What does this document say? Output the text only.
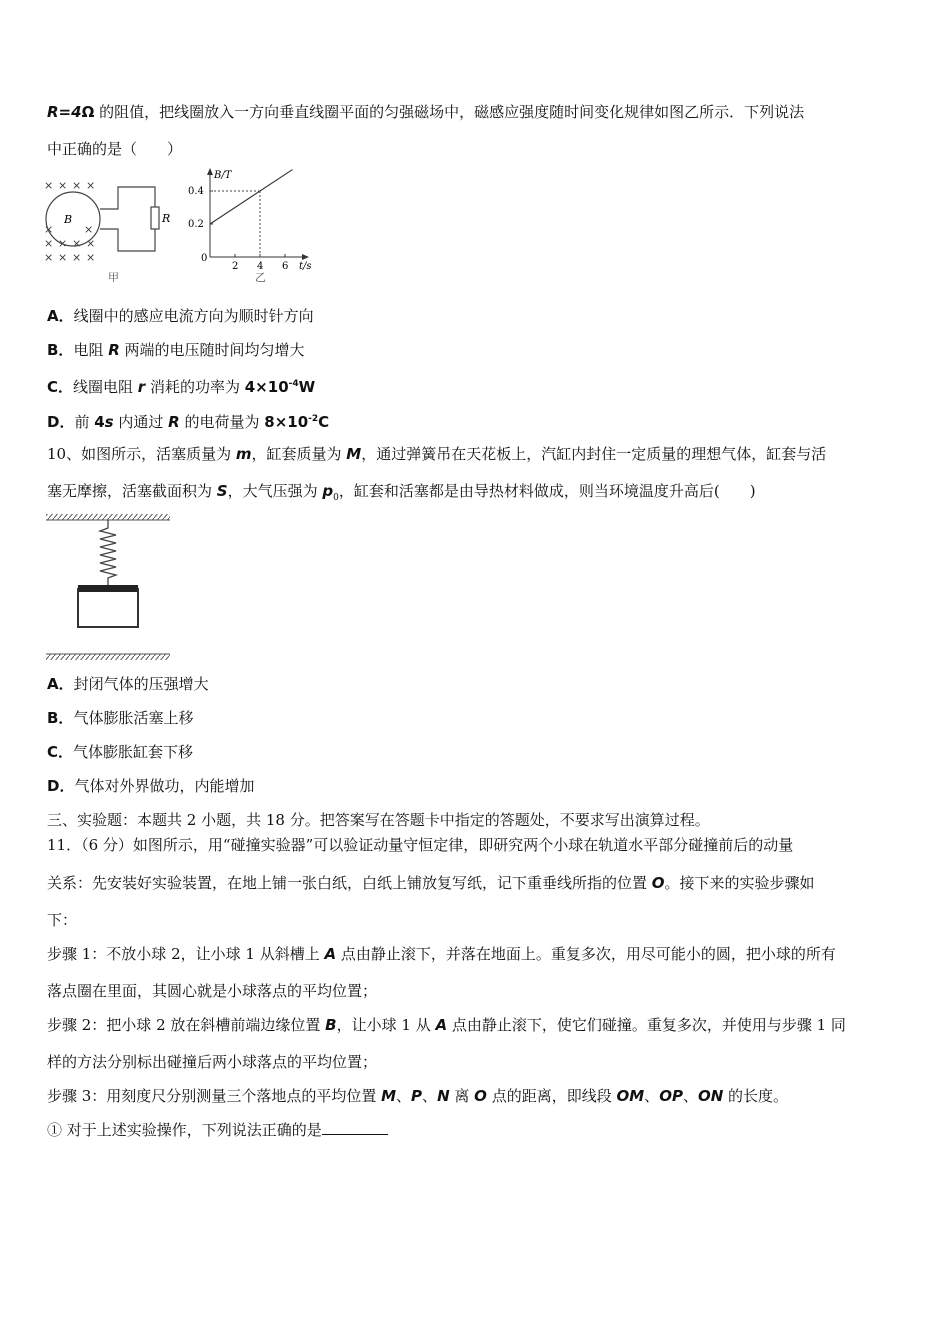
R=4Ω 的阻值，把线圈放入一方向垂直线圈平面的匀强磁场中，磁感应强度随时间变化规律如图乙所示．下列说法
中正确的是（　　）
× × × ×
×	×
× × × ×
× × × ×
B	R
甲
B/T
t/s
0
乙
0.2
0.4
2 4 6
A．线圈中的感应电流方向为顺时针方向
B．电阻 R 两端的电压随时间均匀增大
C．线圈电阻 r 消耗的功率为 $4\times 10^{-4}W$
D．前 4s 内通过 R 的电荷量为 $8\times 10^{-2}C$
10、如图所示，活塞质量为 m，缸套质量为 M，通过弹簧吊在天花板上，汽缸内封住一定质量的理想气体，缸套与活
塞无摩擦，活塞截面积为 S，大气压强为 $p_0$，缸套和活塞都是由导热材料做成，则当环境温度升高后(　　)
A．封闭气体的压强增大
B．气体膨胀活塞上移
C．气体膨胀缸套下移
D．气体对外界做功，内能增加
三、实验题：本题共 2 小题，共 18 分。把答案写在答题卡中指定的答题处，不要求写出演算过程。
11．（6 分）如图所示，用“碰撞实验器”可以验证动量守恒定律，即研究两个小球在轨道水平部分碰撞前后的动量
关系：先安装好实验装置，在地上铺一张白纸，白纸上铺放复写纸，记下重垂线所指的位置 O。接下来的实验步骤如
下：
步骤 1：不放小球 2，让小球 1 从斜槽上 A 点由静止滚下，并落在地面上。重复多次，用尽可能小的圆，把小球的所有
落点圈在里面，其圆心就是小球落点的平均位置；
步骤 2：把小球 2 放在斜槽前端边缘位置 B，让小球 1 从 A 点由静止滚下，使它们碰撞。重复多次，并使用与步骤 1 同
样的方法分别标出碰撞后两小球落点的平均位置；
步骤 3：用刻度尺分别测量三个落地点的平均位置 M、P、N 离 O 点的距离，即线段 OM、OP、ON 的长度。
① 对于上述实验操作，下列说法正确的是
